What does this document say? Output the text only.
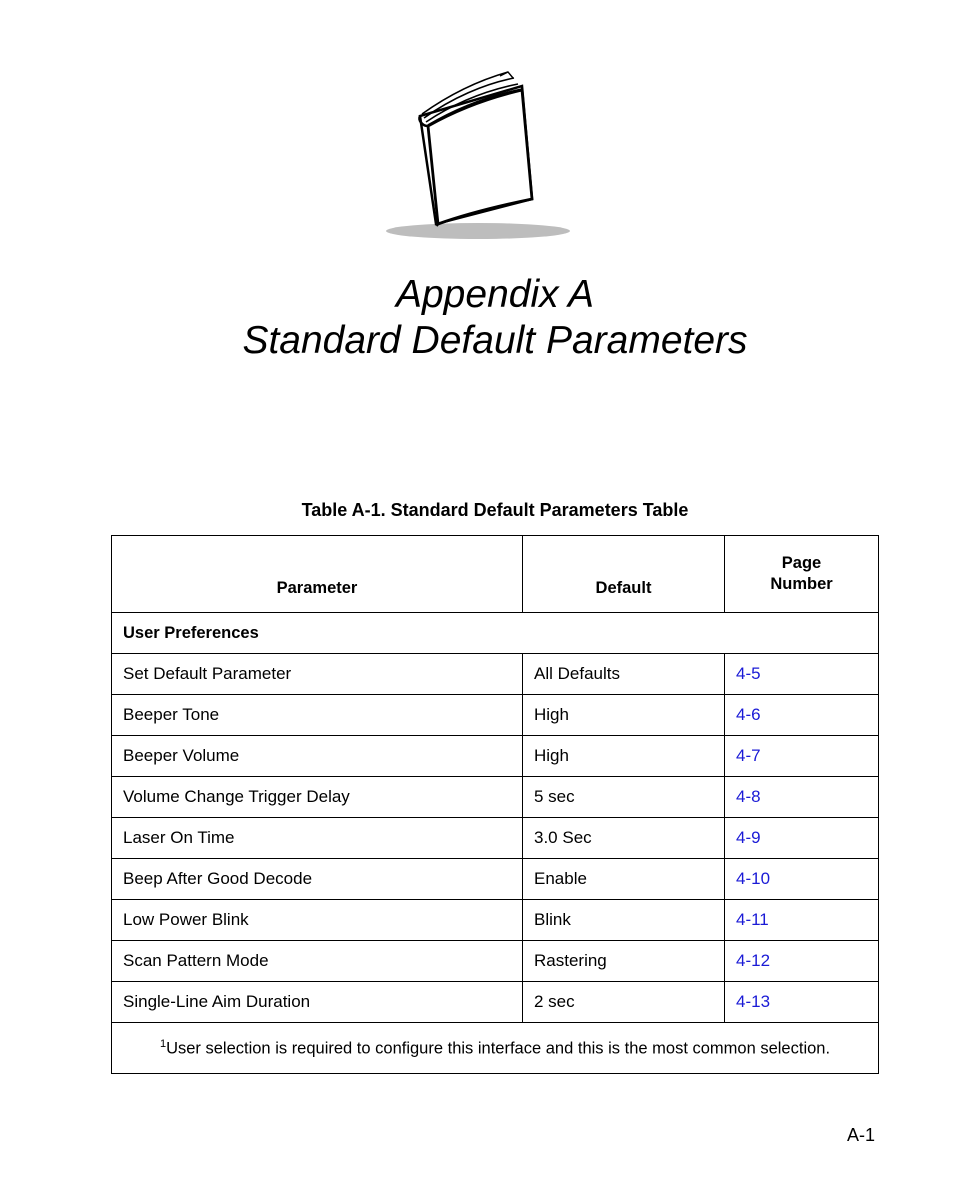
Appendix A
Standard Default Parameters
Table A-1. Standard Default Parameters Table
Parameter	Default	Page
Number
User Preferences		
Set Default Parameter	All Defaults	4-5
Beeper Tone	High	4-6
Beeper Volume	High	4-7
Volume Change Trigger Delay	5 sec	4-8
Laser On Time	3.0 Sec	4-9
Beep After Good Decode	Enable	4-10
Low Power Blink	Blink	4-11
Scan Pattern Mode	Rastering	4-12
Single-Line Aim Duration	2 sec	4-13
$^1$User selection is required to configure this interface and this is the most common selection.		
A-1
